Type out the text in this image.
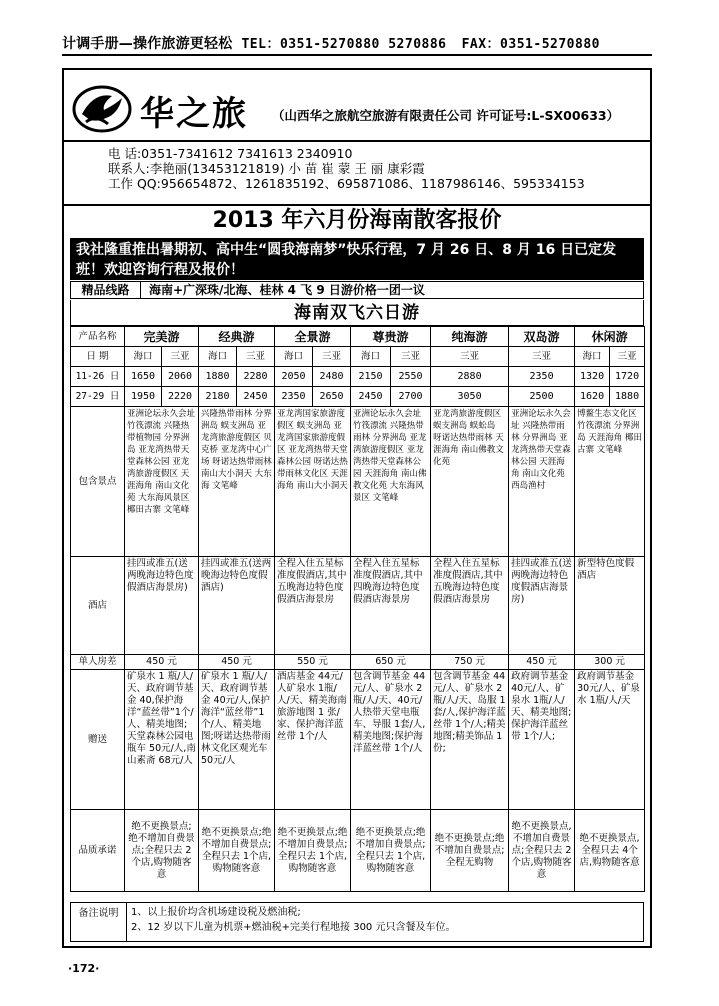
计调手册—操作旅游更轻松 TEL：0351-5270880 5270886 FAX：0351-5270880
华之旅 （山西华之旅航空旅游有限责任公司 许可证号:L-SX00633）
电 话:0351-7341612 7341613 2340910
联系人:李艳丽(13453121819) 小 苗 崔 蒙 王 丽 康彩霞
工作 QQ:956654872、1261835192、695871086、1187986146、595334153
2013 年六月份海南散客报价
我社隆重推出暑期初、高中生“圆我海南梦”快乐行程，7 月 26 日、8 月 16 日已定发班！欢迎咨询行程及报价！
精品线路	海南+广深珠/北海、桂林 4 飞 9 日游价格一团一议
海南双飞六日游
产品名称	完美游		经典游		全景游		尊贵游		纯海游	双岛游	休闲游	
日 期	海口	三亚	海口	三亚	海口	三亚	海口	三亚	三亚	三亚	海口	三亚
11-26 日	1650	2060	1880	2280	2050	2480	2150	2550	2880	2350	1320	1720
27-29 日	1950	2220	2180	2450	2350	2650	2450	2700	3050	2500	1620	1880
包含景点	亚洲论坛永久会址 竹筏漂流 兴隆热带植物园 分界洲岛 亚龙湾热带天堂森林公园 亚龙湾旅游度假区 天涯海角 南山文化苑 大东海风景区 椰田古寨 文笔峰		兴隆热带雨林 分界洲岛 蜈支洲岛 亚龙湾旅游度假区 贝克桥 亚龙湾中心广场 呀诺达热带雨林 南山大小洞天 大东海 文笔峰		亚龙湾国家旅游度假区 蜈支洲岛 亚龙湾国家旅游度假区 亚龙湾热带天堂森林公园 呀诺达热带雨林文化区 天涯海角 南山大小洞天		亚洲论坛永久会址 竹筏漂流 兴隆热带雨林 分界洲岛 亚龙湾旅游度假区 亚龙湾热带天堂森林公园 天涯海角 南山佛教文化苑 大东海风景区 文笔峰		亚龙湾旅游度假区 蜈支洲岛 蜈蚣岛 呀诺达热带雨林 天涯海角 南山佛教文化苑	亚洲论坛永久会址 兴隆热带雨林 分界洲岛 亚龙湾热带天堂森林公园 天涯海角 南山文化苑 西岛渔村	博鳌生态文化区 竹筏漂流 分界洲岛 天涯海角 椰田古寨 文笔峰	
酒店	挂四或准五(送两晚海边特色度假酒店海景房)		挂四或准五(送两晚海边特色度假酒店)		全程入住五星标准度假酒店,其中五晚海边特色度假酒店海景房		全程入住五星标准度假酒店,其中四晚海边特色度假酒店海景房		全程入住五星标准度假酒店,其中五晚海边特色度假酒店海景房	挂四或准五(送两晚海边特色度假酒店海景房)	新型特色度假酒店	
单人房差	450 元		450 元		550 元		650 元		750 元	450 元	300 元	
赠送	矿泉水 1 瓶/人/天、政府调节基金 40,保护海洋“蓝丝带”1个/人、精美地图;天堂森林公园电瓶车 50元/人,南山素斋 68元/人		矿泉水 1 瓶/人/天、政府调节基金 40元/人,保护海洋“蓝丝带”1个/人、精美地图;呀诺达热带雨林文化区观光车 50元/人		酒店基金 44元/人矿泉水 1瓶/人/天、精美海南旅游地图 1 张/家、保护海洋蓝丝带 1个/人		包含调节基金 44元/人、矿泉水 2瓶/人/天、40元/人热带天堂电瓶车、导服 1套/人,精美地图;保护海洋蓝丝带 1个/人		包含调节基金 44元/人、矿泉水 2瓶/人/天、岛服 1套/人,保护海洋蓝丝带 1个/人;精美地图;精美饰品 1份;	政府调节基金 40元/人、矿泉水 1瓶/人/天、精美地图;保护海洋蓝丝带 1个/人;	政府调节基金 30元/人、矿泉水 1瓶/人/天	
品质承诺	绝不更换景点;绝不增加自费景点;全程只去 2个店,购物随客意		绝不更换景点;绝不增加自费景点;全程只去 1个店,购物随客意		绝不更换景点;绝不增加自费景点;全程只去 1个店,购物随客意		绝不更换景点;绝不增加自费景点;全程只去 1个店,购物随客意		绝不更换景点;绝不增加自费景点;全程无购物	绝不更换景点,不增加自费景点;全程只去 2个店,购物随客意	绝不更换景点,全程只去 4个店,购物随客意	
备注说明	1、以上报价均含机场建设税及燃油税;
2、12 岁以下儿童为机票+燃油税+完美行程地接 300 元只含餐及车位。
·172·
